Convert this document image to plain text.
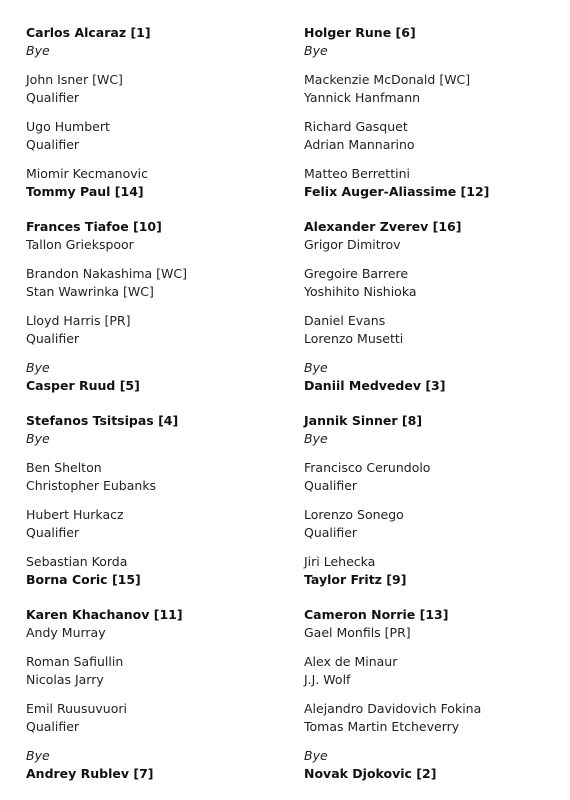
Carlos Alcaraz [1]
Bye
John Isner [WC]
Qualifier
Ugo Humbert
Qualifier
Miomir Kecmanovic
Tommy Paul [14]
Frances Tiafoe [10]
Tallon Griekspoor
Brandon Nakashima [WC]
Stan Wawrinka [WC]
Lloyd Harris [PR]
Qualifier
Bye
Casper Ruud [5]
Stefanos Tsitsipas [4]
Bye
Ben Shelton
Christopher Eubanks
Hubert Hurkacz
Qualifier
Sebastian Korda
Borna Coric [15]
Karen Khachanov [11]
Andy Murray
Roman Safiullin
Nicolas Jarry
Emil Ruusuvuori
Qualifier
Bye
Andrey Rublev [7]
Holger Rune [6]
Bye
Mackenzie McDonald [WC]
Yannick Hanfmann
Richard Gasquet
Adrian Mannarino
Matteo Berrettini
Felix Auger-Aliassime [12]
Alexander Zverev [16]
Grigor Dimitrov
Gregoire Barrere
Yoshihito Nishioka
Daniel Evans
Lorenzo Musetti
Bye
Daniil Medvedev [3]
Jannik Sinner [8]
Bye
Francisco Cerundolo
Qualifier
Lorenzo Sonego
Qualifier
Jiri Lehecka
Taylor Fritz [9]
Cameron Norrie [13]
Gael Monfils [PR]
Alex de Minaur
J.J. Wolf
Alejandro Davidovich Fokina
Tomas Martin Etcheverry
Bye
Novak Djokovic [2]
